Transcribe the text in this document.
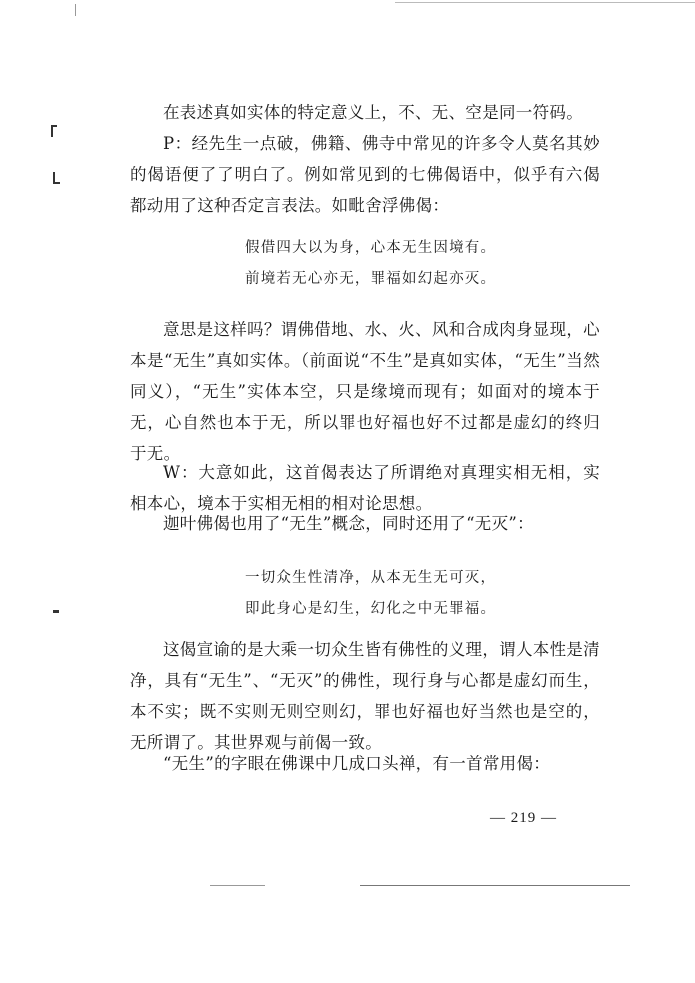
在表述真如实体的特定意义上，不、无、空是同一符码。

P：经先生一点破，佛籍、佛寺中常见的许多令人莫名其妙的偈语便了了明白了。例如常见到的七佛偈语中，似乎有六偈都动用了这种否定言表法。如毗舍浮佛偈：

假借四大以为身，心本无生因境有。
前境若无心亦无，罪福如幻起亦灭。

意思是这样吗？谓佛借地、水、火、风和合成肉身显现，心本是“无生”真如实体。（前面说“不生”是真如实体，“无生”当然同义），“无生”实体本空，只是缘境而现有；如面对的境本于无，心自然也本于无，所以罪也好福也好不过都是虚幻的终归于无。

W：大意如此，这首偈表达了所谓绝对真理实相无相，实相本心，境本于实相无相的相对论思想。

迦叶佛偈也用了“无生”概念，同时还用了“无灭”：

一切众生性清净，从本无生无可灭，
即此身心是幻生，幻化之中无罪福。

这偈宣谕的是大乘一切众生皆有佛性的义理，谓人本性是清净，具有“无生”、“无灭”的佛性，现行身与心都是虚幻而生，本不实；既不实则无则空则幻，罪也好福也好当然也是空的，无所谓了。其世界观与前偈一致。

“无生”的字眼在佛课中几成口头禅，有一首常用偈：

— 219 —
